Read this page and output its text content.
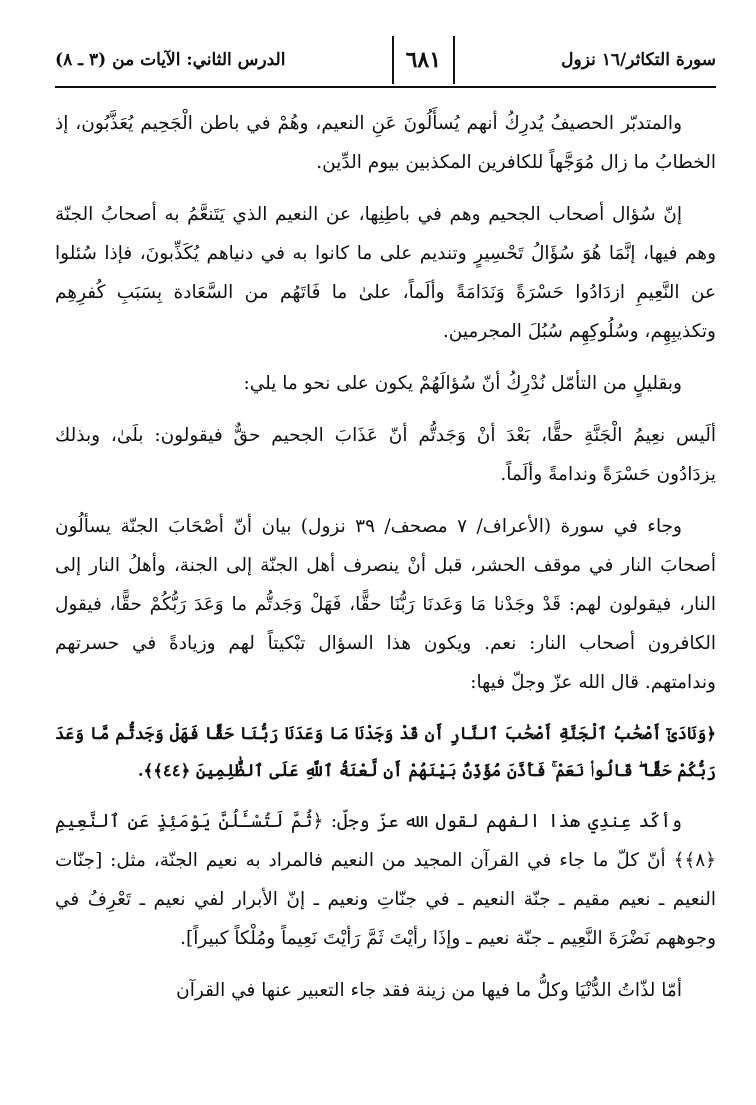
سورة التكاثر/١٦ نزول
٦٨١
الدرس الثاني: الآيات من (٣ ـ ٨)

والمتدبّر الحصيفُ يُدرِكُ أنهم يُسأَلُونَ عَنِ النعيم، وهُمْ في باطن الْجَحِيم يُعَذَّبُون، إذ الخطابُ ما زال مُوَجَّهاً للكافرين المكذبين بيوم الدِّين.

إنّ سُؤال أصحاب الجحيم وهم في باطِنِها، عن النعيم الذي يَتَنعَّمُ به أصحابُ الجنّة وهم فيها، إنَّمَا هُوَ سُؤَالُ تَحْسِيرٍ وتنديم على ما كانوا به في دنياهم يُكَذِّبونَ، فإذا سُئلوا عن النَّعِيمِ ازدَادُوا حَسْرَةً وَنَدَامَةً وألَماً، علىٰ ما فَاتَهُم من السَّعَادة بِسَبَبِ كُفرِهِم وتكذيبِهِم، وسُلُوكِهِم سُبُلَ المجرمين.

وبقليلٍ من التأمّل نُدْرِكُ أنّ سُؤالَهُمْ يكون على نحو ما يلي:

ألَيس نعِيمُ الْجَنَّةِ حقًّا، بَعْدَ أنْ وَجَدتُّم أنّ عَذَابَ الجحيم حقٌّ فيقولون: بلَىٰ، وبذلك يزدَادُون حَسْرَةً وندامةً وألَماً.

وجاء في سورة (الأعراف/ ٧ مصحف/ ٣٩ نزول) بيان أنّ أصْحَابَ الجنّة يسألُون أصحابَ النار في موقف الحشر، قبل أنْ ينصرف أهل الجنّة إلى الجنة، وأهلُ النار إلى النار، فيقولون لهم: قَدْ وجَدْنا مَا وَعَدنَا رَبُّنَا حقًّا، فَهَلْ وَجَدتُّم ما وَعَدَ رَبُّكُمْ حقًّا، فيقول الكافرون أصحاب النار: نعم. ويكون هذا السؤال تبْكيتاً لهم وزيادةً في حسرتهم وندامتهم. قال الله عزّ وجلّ فيها:

﴿وَنَادَىٰٓ أَصْحَٰبُ ٱلْجَنَّةِ أَصْحَٰبَ ٱلنَّارِ أَن قَدْ وَجَدْنَا مَا وَعَدَنَا رَبُّنَا حَقًّا فَهَلْ وَجَدتُّم مَّا وَعَدَ رَبُّكُمْ حَقًّا ۖ قَالُوا۟ نَعَمْ ۚ فَأَذَّنَ مُؤَذِّنٌۢ بَيْنَهُمْ أَن لَّعْنَةُ ٱللَّهِ عَلَى ٱلظَّٰلِمِينَ ﴿٤٤﴾﴾.

وأكّد عِندِي هذا الفهم لقول الله عزّ وجلّ: ﴿ثُمَّ لَتُسْـَٔلُنَّ يَوْمَئِذٍ عَنِ ٱلنَّعِيمِ ﴿٨﴾﴾ أنّ كلّ ما جاء في القرآن المجيد من النعيم فالمراد به نعيم الجنّة، مثل: [جنّات النعيم ـ نعيم مقيم ـ جنّة النعيم ـ في جنّاتِ ونعيم ـ إنّ الأبرار لفي نعيم ـ تَعْرِفُ في وجوههم نَضْرَةَ النَّعِيم ـ جنّة نعيم ـ وإذَا رأيْتَ ثَمَّ رَأيْتَ نَعِيماً ومُلْكاً كبيراً].

أمّا لذّاتُ الدُّنْيَا وكلُّ ما فيها من زينة فقد جاء التعبير عنها في القرآن
